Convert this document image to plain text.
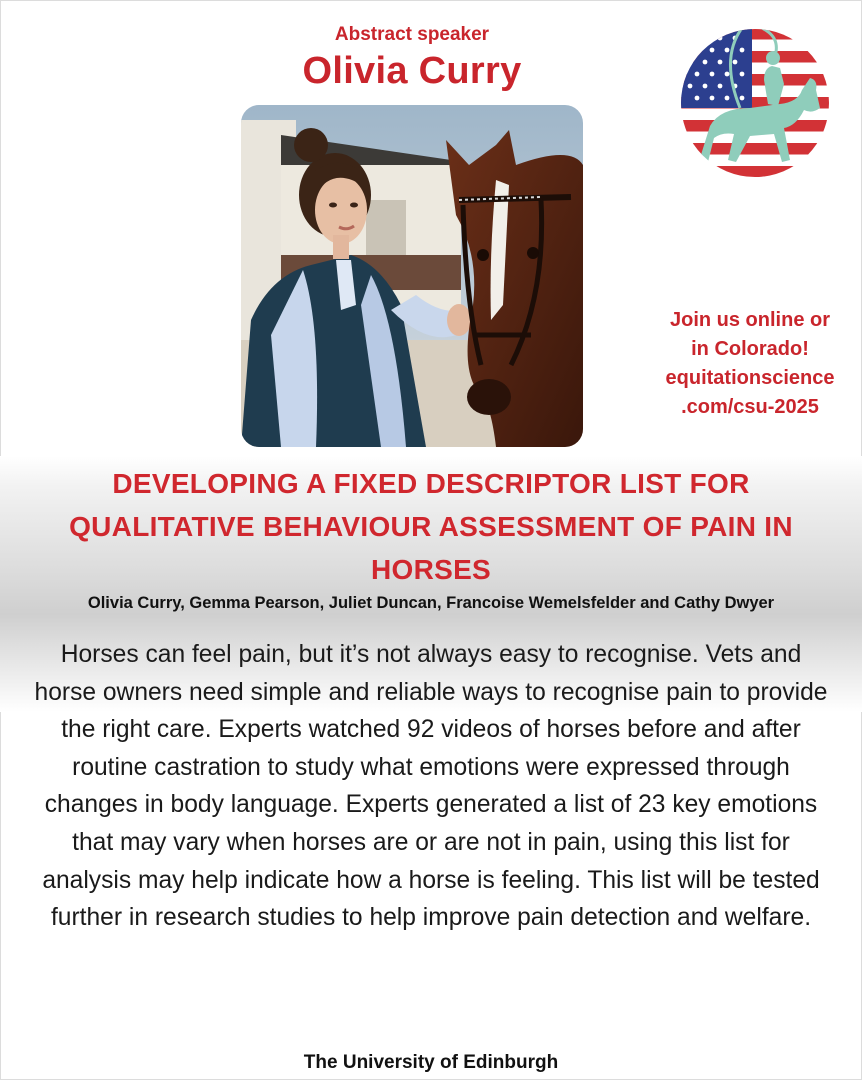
Abstract speaker
Olivia Curry
Join us online or
in Colorado!
equitationscience
.com/csu-2025
DEVELOPING A FIXED DESCRIPTOR LIST FOR QUALITATIVE BEHAVIOUR ASSESSMENT OF PAIN IN HORSES
Olivia Curry, Gemma Pearson, Juliet Duncan, Francoise Wemelsfelder and Cathy Dwyer
Horses can feel pain, but it’s not always easy to recognise. Vets and horse owners need simple and reliable ways to recognise pain to provide the right care. Experts watched 92 videos of horses before and after routine castration to study what emotions were expressed through changes in body language. Experts generated a list of 23 key emotions that may vary when horses are or are not in pain, using this list for analysis may help indicate how a horse is feeling. This list will be tested further in research studies to help improve pain detection and welfare.
The University of Edinburgh
